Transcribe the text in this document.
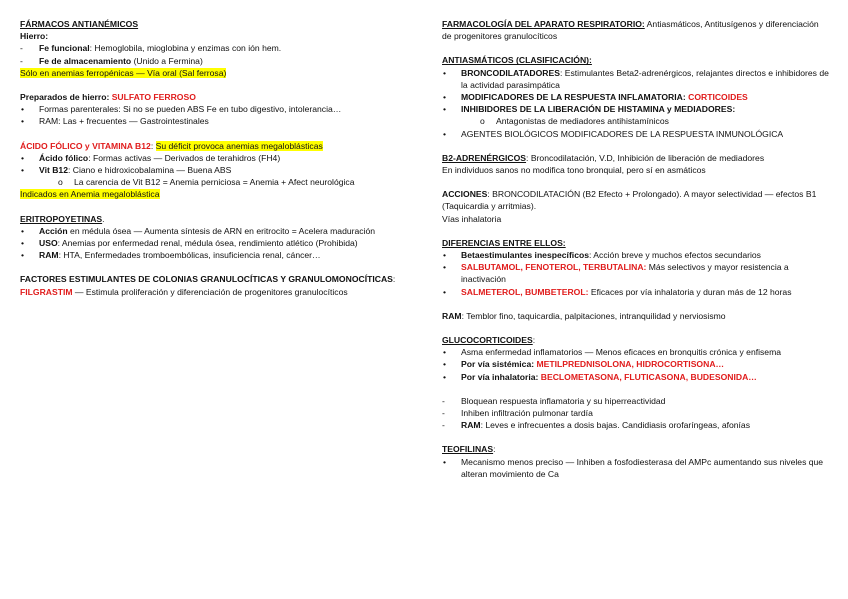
FÁRMACOS ANTIANÉMICOS

Hierro:

- Fe funcional: Hemoglobila, mioglobina y enzimas con ión hem.

- Fe de almacenamiento (Unido a Fermina)

Sólo en anemias ferropénicas — Vía oral (Sal ferrosa)

Preparados de hierro: SULFATO FERROSO

• Formas parenterales: Si no se pueden ABS Fe en tubo digestivo, intolerancia…

• RAM: Las + frecuentes — Gastrointestinales

ÁCIDO FÓLICO y VITAMINA B12: Su déficit provoca anemias megaloblásticas

• Ácido fólico: Formas activas — Derivados de terahidros (FH4)

• Vit B12: Ciano e hidroxicobalamina — Buena ABS

o La carencia de Vit B12 = Anemia perniciosa = Anemia + Afect neurológica

Indicados en Anemia megaloblástica

ERITROPOYETINAS.

• Acción en médula ósea — Aumenta síntesis de ARN en eritrocito = Acelera maduración

• USO: Anemias por enfermedad renal, médula ósea, rendimiento atlético (Prohibida)

• RAM: HTA, Enfermedades tromboembólicas, insuficiencia renal, cáncer…

FACTORES ESTIMULANTES DE COLONIAS GRANULOCÍTICAS Y GRANULOMONOCÍTICAS:

FILGRASTIM — Estimula proliferación y diferenciación de progenitores granulocíticos

FARMACOLOGÍA DEL APARATO RESPIRATORIO: Antiasmáticos, Antitusígenos y diferenciación de progenitores granulocíticos

ANTIASMÁTICOS (CLASIFICACIÓN):

• BRONCODILATADORES: Estimulantes Beta2-adrenérgicos, relajantes directos e inhibidores de la actividad parasimpática

• MODIFICADORES DE LA RESPUESTA INFLAMATORIA: CORTICOIDES

• INHIBIDORES DE LA LIBERACIÓN DE HISTAMINA y MEDIADORES:

o Antagonistas de mediadores antihistamínicos

• AGENTES BIOLÓGICOS MODIFICADORES DE LA RESPUESTA INMUNOLÓGICA

B2-ADRENÉRGICOS: Broncodilatación, V.D, Inhibición de liberación de mediadores

En individuos sanos no modifica tono bronquial, pero sí en asmáticos

ACCIONES: BRONCODILATACIÓN (B2 Efecto + Prolongado). A mayor selectividad — efectos B1 (Taquicardia y arritmias).

Vías inhalatoria

DIFERENCIAS ENTRE ELLOS:

• Betaestimulantes inespecíficos: Acción breve y muchos efectos secundarios

• SALBUTAMOL, FENOTEROL, TERBUTALINA: Más selectivos y mayor resistencia a inactivación

• SALMETEROL, BUMBETEROL: Eficaces por vía inhalatoria y duran más de 12 horas

RAM: Temblor fino, taquicardia, palpitaciones, intranquilidad y nerviosismo

GLUCOCORTICOIDES:

• Asma enfermedad inflamatorios — Menos eficaces en bronquitis crónica y enfisema

• Por vía sistémica: METILPREDNISOLONA, HIDROCORTISONA…

• Por vía inhalatoria: BECLOMETASONA, FLUTICASONA, BUDESONIDA…

- Bloquean respuesta inflamatoria y su hiperreactividad

- Inhiben infiltración pulmonar tardía

- RAM: Leves e infrecuentes a dosis bajas. Candidiasis orofaríngeas, afonías

TEOFILINAS:

• Mecanismo menos preciso — Inhiben a fosfodiesterasa del AMPc aumentando sus niveles que alteran movimiento de Ca
